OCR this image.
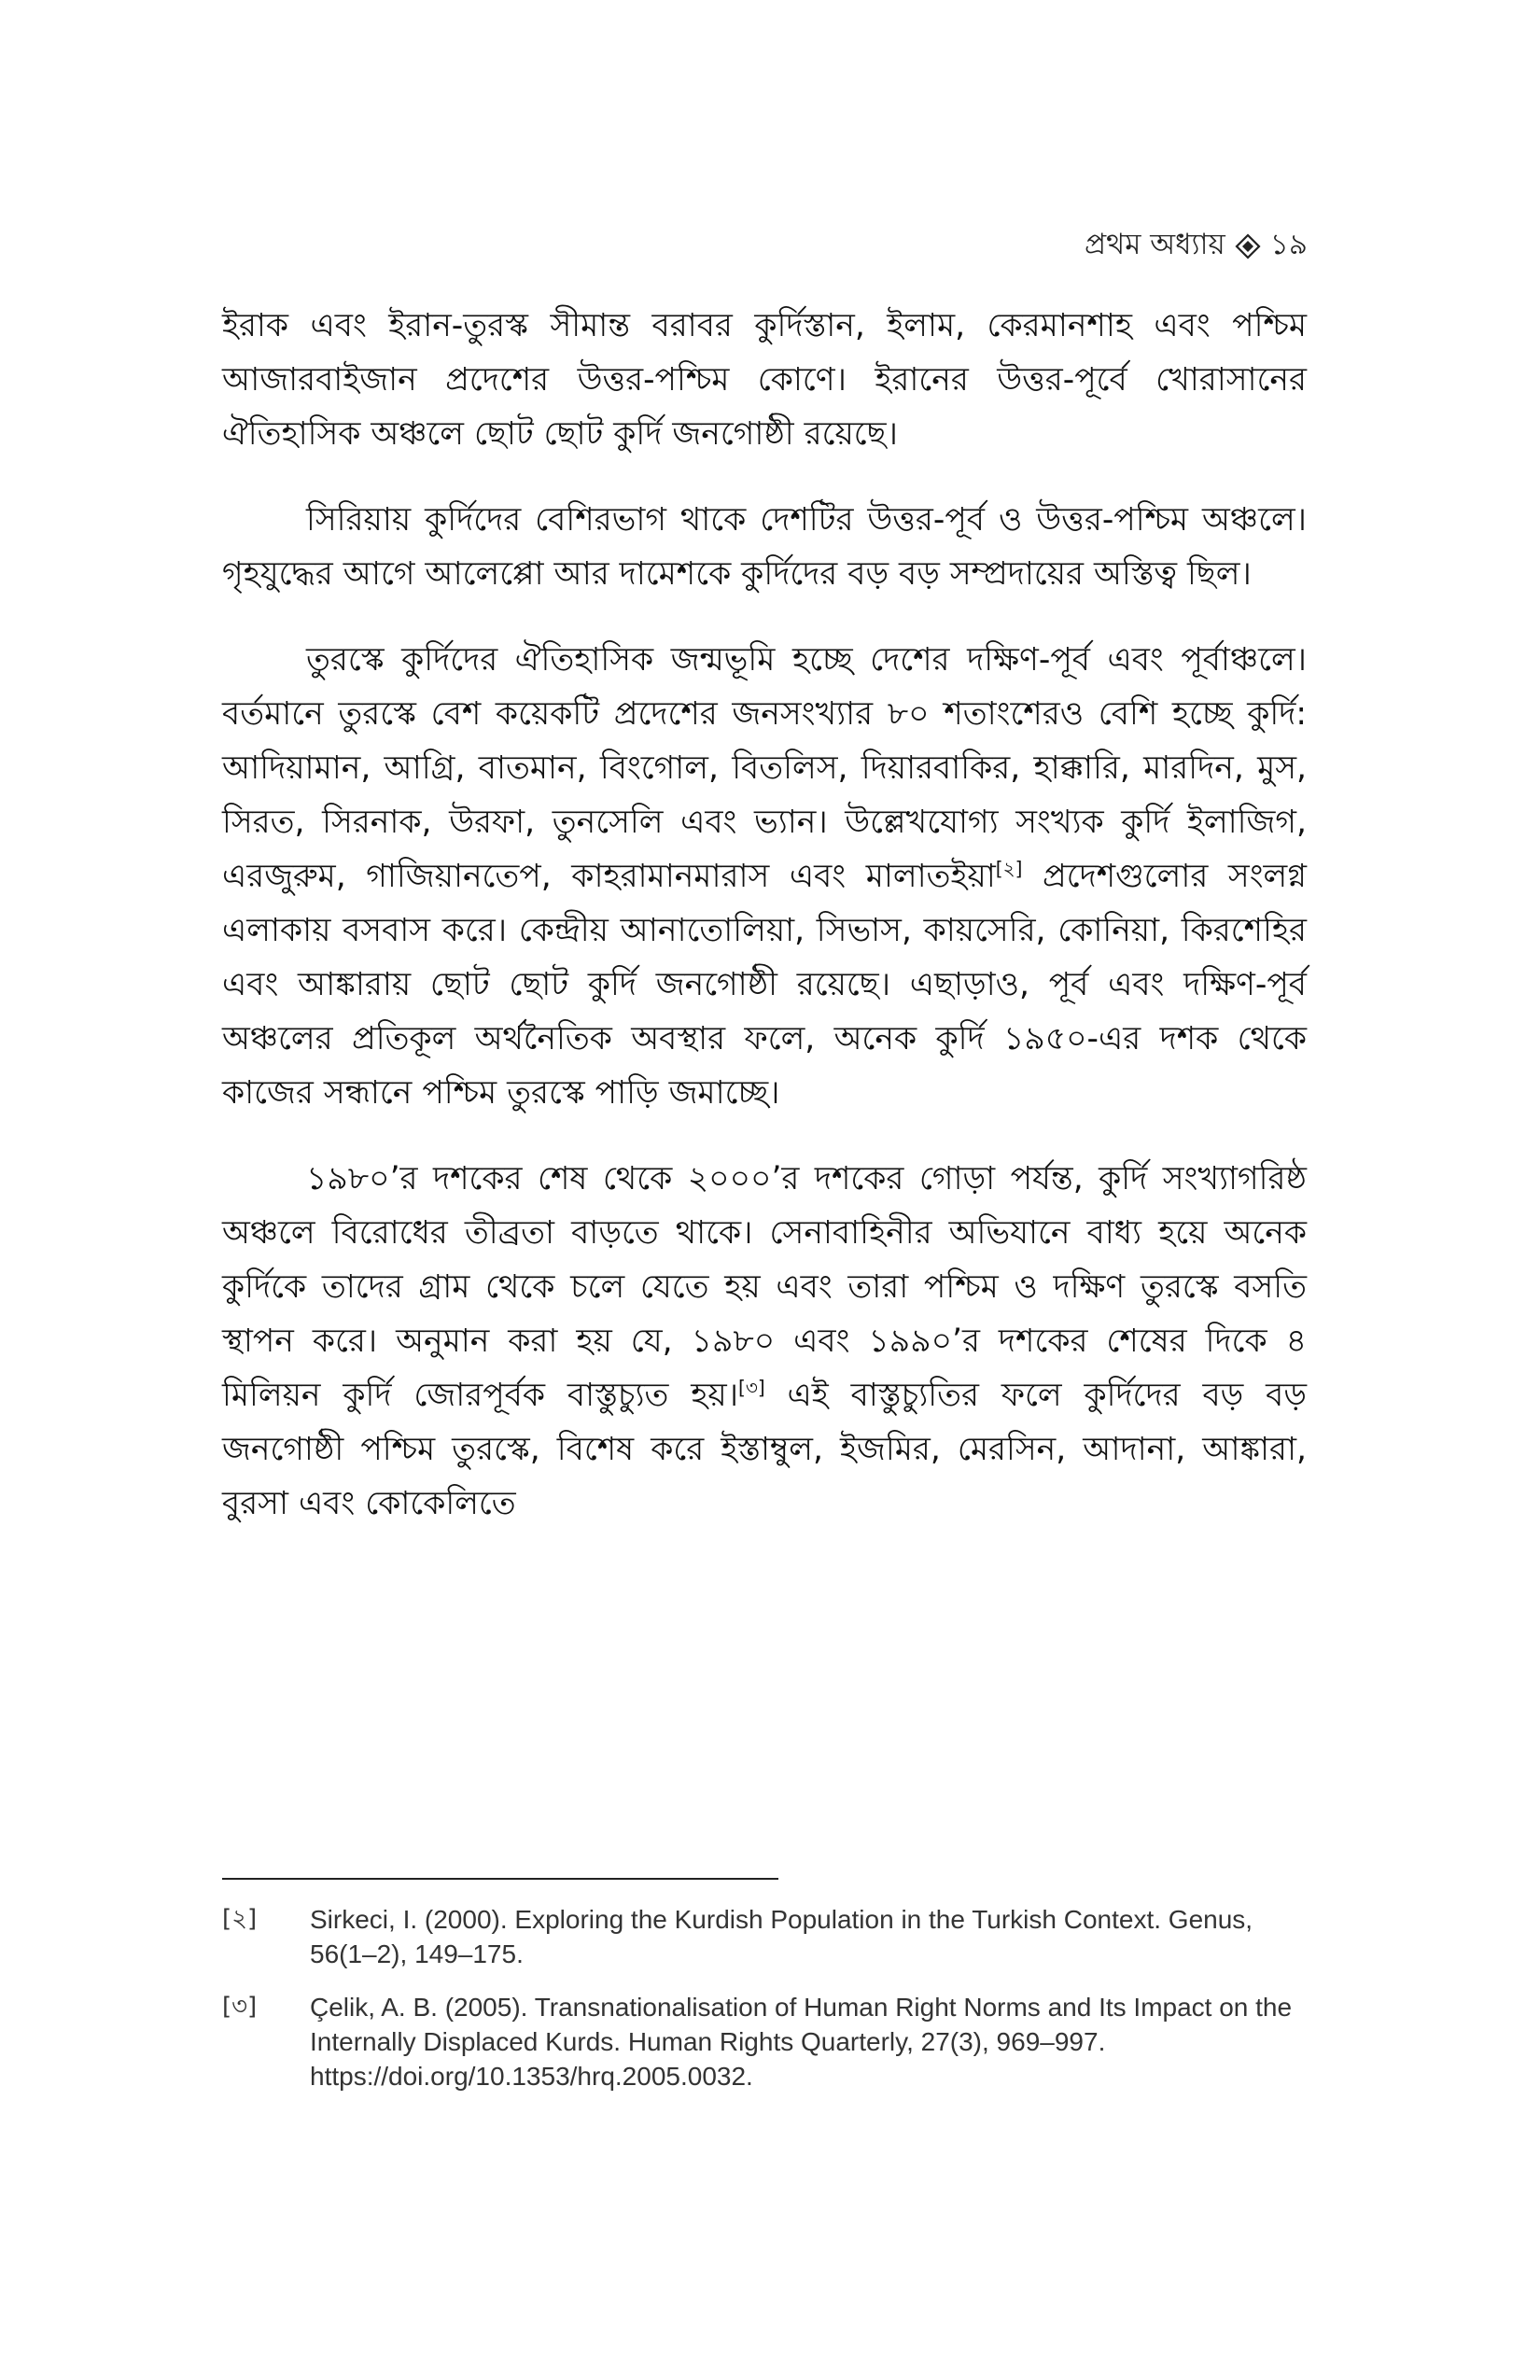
প্রথম অধ্যায় ১৯

ইরাক এবং ইরান-তুরস্ক সীমান্ত বরাবর কুর্দিস্তান, ইলাম, কেরমানশাহ এবং পশ্চিম আজারবাইজান প্রদেশের উত্তর-পশ্চিম কোণে। ইরানের উত্তর-পূর্বে খোরাসানের ঐতিহাসিক অঞ্চলে ছোট ছোট কুর্দি জনগোষ্ঠী রয়েছে।

সিরিয়ায় কুর্দিদের বেশিরভাগ থাকে দেশটির উত্তর-পূর্ব ও উত্তর-পশ্চিম অঞ্চলে। গৃহযুদ্ধের আগে আলেপ্পো আর দামেশকে কুর্দিদের বড় বড় সম্প্রদায়ের অস্তিত্ব ছিল।

তুরস্কে কুর্দিদের ঐতিহাসিক জন্মভূমি হচ্ছে দেশের দক্ষিণ-পূর্ব এবং পূর্বাঞ্চলে। বর্তমানে তুরস্কে বেশ কয়েকটি প্রদেশের জনসংখ্যার ৮০ শতাংশেরও বেশি হচ্ছে কুর্দি: আদিয়ামান, আগ্রি, বাতমান, বিংগোল, বিতলিস, দিয়ারবাকির, হাক্কারি, মারদিন, মুস, সিরত, সিরনাক, উরফা, তুনসেলি এবং ভ্যান। উল্লেখযোগ্য সংখ্যক কুর্দি ইলাজিগ, এরজুরুম, গাজিয়ানতেপ, কাহরামানমারাস এবং মালাতইয়া[২] প্রদেশগুলোর সংলগ্ন এলাকায় বসবাস করে। কেন্দ্রীয় আনাতোলিয়া, সিভাস, কায়সেরি, কোনিয়া, কিরশেহির এবং আঙ্কারায় ছোট ছোট কুর্দি জনগোষ্ঠী রয়েছে। এছাড়াও, পূর্ব এবং দক্ষিণ-পূর্ব অঞ্চলের প্রতিকূল অর্থনৈতিক অবস্থার ফলে, অনেক কুর্দি ১৯৫০-এর দশক থেকে কাজের সন্ধানে পশ্চিম তুরস্কে পাড়ি জমাচ্ছে।

১৯৮০’র দশকের শেষ থেকে ২০০০’র দশকের গোড়া পর্যন্ত, কুর্দি সংখ্যাগরিষ্ঠ অঞ্চলে বিরোধের তীব্রতা বাড়তে থাকে। সেনাবাহিনীর অভিযানে বাধ্য হয়ে অনেক কুর্দিকে তাদের গ্রাম থেকে চলে যেতে হয় এবং তারা পশ্চিম ও দক্ষিণ তুরস্কে বসতি স্থাপন করে। অনুমান করা হয় যে, ১৯৮০ এবং ১৯৯০’র দশকের শেষের দিকে ৪ মিলিয়ন কুর্দি জোরপূর্বক বাস্তুচ্যুত হয়।[৩] এই বাস্তুচ্যুতির ফলে কুর্দিদের বড় বড় জনগোষ্ঠী পশ্চিম তুরস্কে, বিশেষ করে ইস্তাম্বুল, ইজমির, মেরসিন, আদানা, আঙ্কারা, বুরসা এবং কোকেলিতে

[২]	Sirkeci, I. (2000). Exploring the Kurdish Population in the Turkish Context. Genus, 56(1–2), 149–175.
[৩]	Çelik, A. B. (2005). Transnationalisation of Human Right Norms and Its Impact on the Internally Displaced Kurds. Human Rights Quarterly, 27(3), 969–997. https://doi.org/10.1353/hrq.2005.0032.
